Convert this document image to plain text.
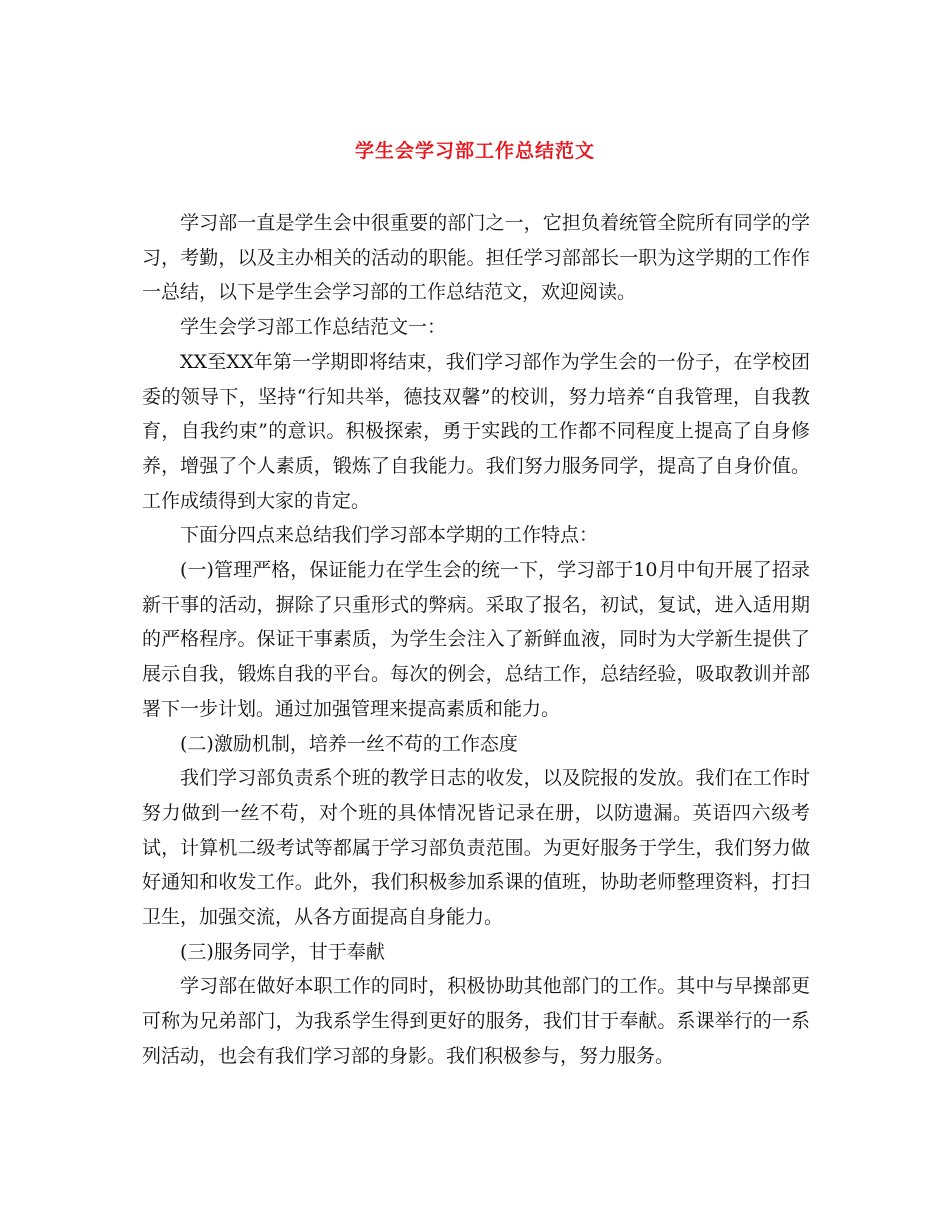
学生会学习部工作总结范文

学习部一直是学生会中很重要的部门之一，它担负着统管全院所有同学的学习，考勤，以及主办相关的活动的职能。担任学习部部长一职为这学期的工作作一总结，以下是学生会学习部的工作总结范文，欢迎阅读。

学生会学习部工作总结范文一：

XX至XX年第一学期即将结束，我们学习部作为学生会的一份子，在学校团委的领导下，坚持“行知共举，德技双馨”的校训，努力培养“自我管理，自我教育，自我约束”的意识。积极探索，勇于实践的工作都不同程度上提高了自身修养，增强了个人素质，锻炼了自我能力。我们努力服务同学，提高了自身价值。工作成绩得到大家的肯定。

下面分四点来总结我们学习部本学期的工作特点：

(一)管理严格，保证能力在学生会的统一下，学习部于10月中旬开展了招录新干事的活动，摒除了只重形式的弊病。采取了报名，初试，复试，进入适用期的严格程序。保证干事素质，为学生会注入了新鲜血液，同时为大学新生提供了展示自我，锻炼自我的平台。每次的例会，总结工作，总结经验，吸取教训并部署下一步计划。通过加强管理来提高素质和能力。

(二)激励机制，培养一丝不苟的工作态度

我们学习部负责系个班的教学日志的收发，以及院报的发放。我们在工作时努力做到一丝不苟，对个班的具体情况皆记录在册，以防遗漏。英语四六级考试，计算机二级考试等都属于学习部负责范围。为更好服务于学生，我们努力做好通知和收发工作。此外，我们积极参加系课的值班，协助老师整理资料，打扫卫生，加强交流，从各方面提高自身能力。

(三)服务同学，甘于奉献

学习部在做好本职工作的同时，积极协助其他部门的工作。其中与早操部更可称为兄弟部门，为我系学生得到更好的服务，我们甘于奉献。系课举行的一系列活动，也会有我们学习部的身影。我们积极参与，努力服务。
